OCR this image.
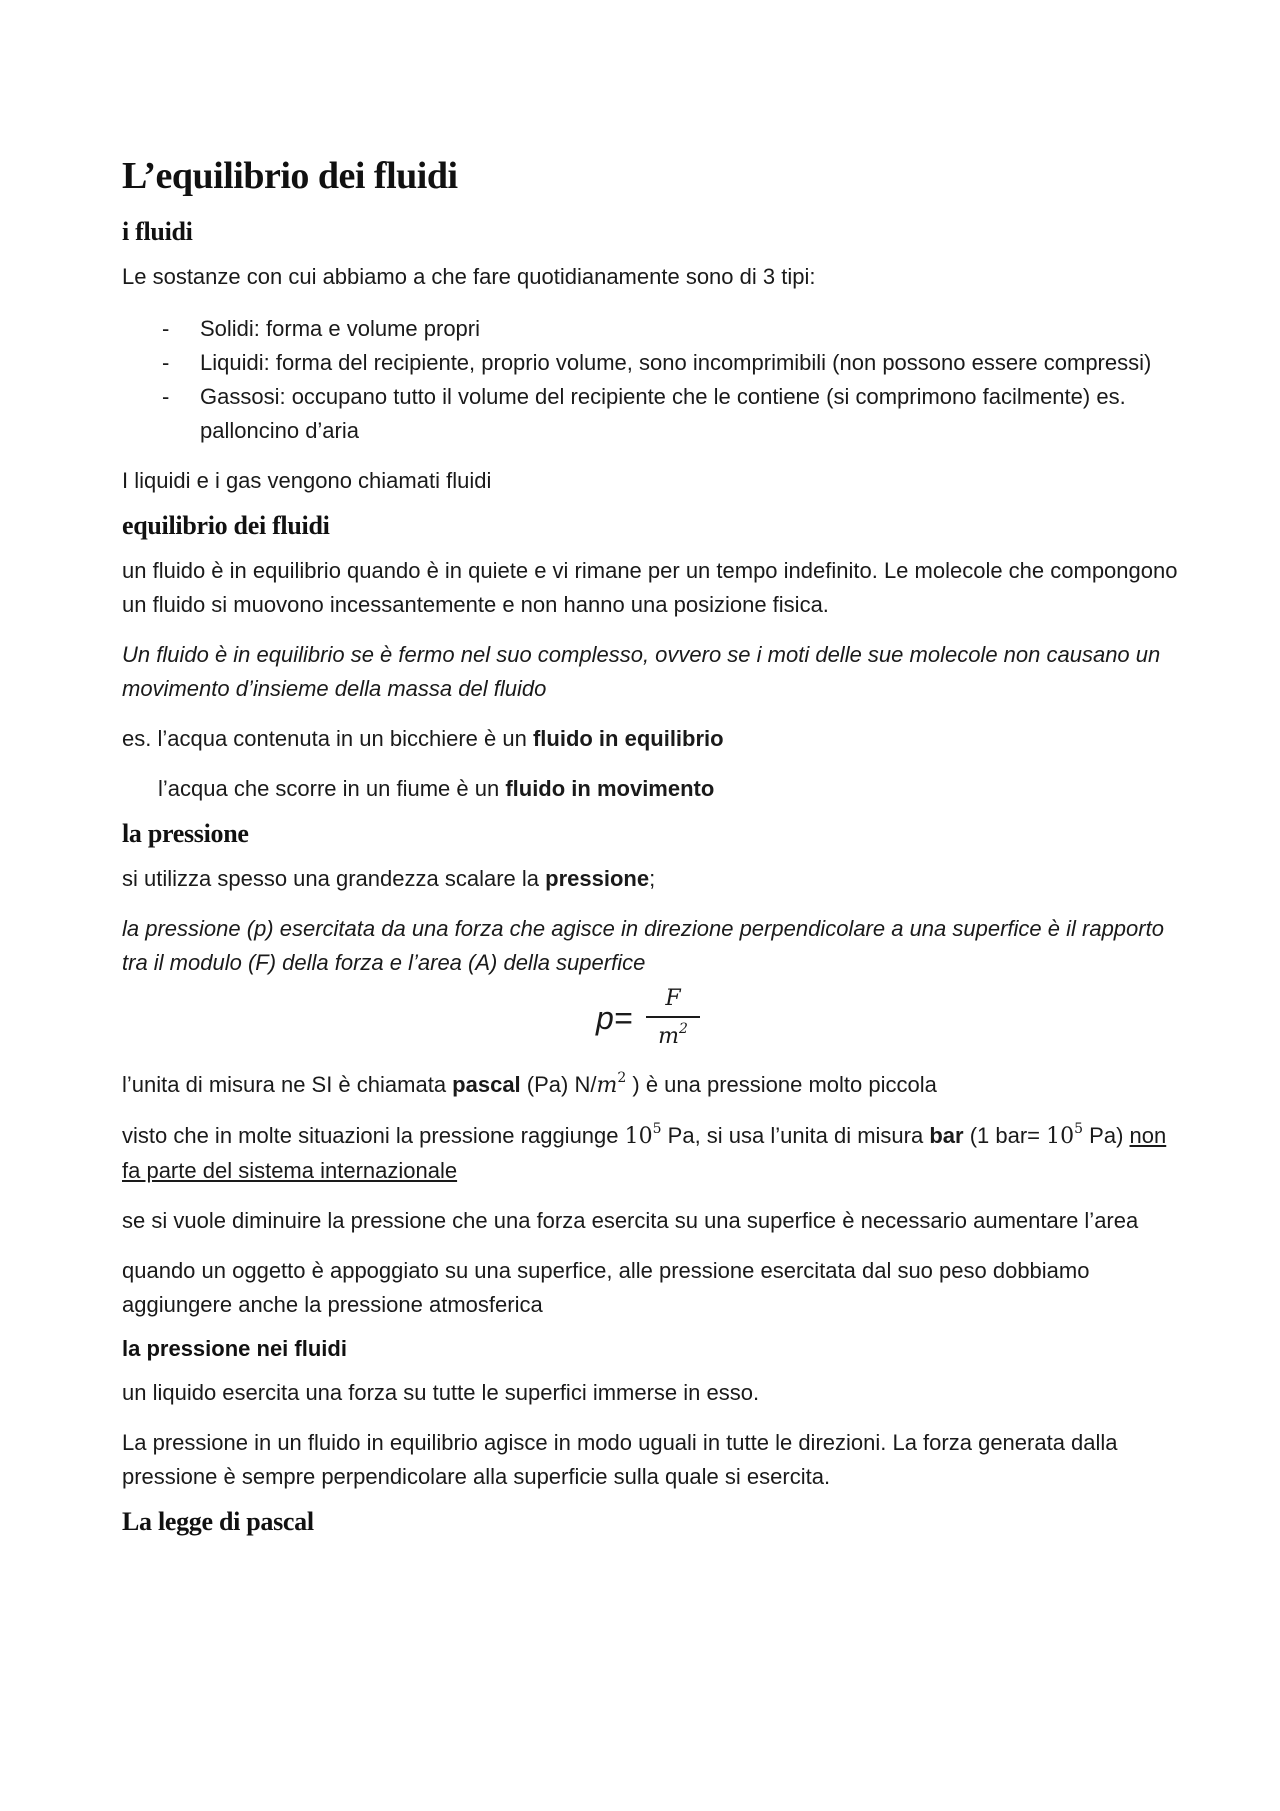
L’equilibrio dei fluidi
i fluidi

Le sostanze con cui abbiamo a che fare quotidianamente sono di 3 tipi:

- Solidi: forma e volume propri
- Liquidi: forma del recipiente, proprio volume, sono incomprimibili (non possono essere compressi)
- Gassosi: occupano tutto il volume del recipiente che le contiene (si comprimono facilmente) es. palloncino d’aria

I liquidi e i gas vengono chiamati fluidi

equilibrio dei fluidi

un fluido è in equilibrio quando è in quiete e vi rimane per un tempo indefinito. Le molecole che compongono un fluido si muovono incessantemente e non hanno una posizione fisica.

Un fluido è in equilibrio se è fermo nel suo complesso, ovvero se i moti delle sue molecole non causano un movimento d’insieme della massa del fluido

es. l’acqua contenuta in un bicchiere è un fluido in equilibrio

l’acqua che scorre in un fiume è un fluido in movimento

la pressione

si utilizza spesso una grandezza scalare la pressione;

la pressione (p) esercitata da una forza che agisce in direzione perpendicolare a una superfice è il rapporto tra il modulo (F) della forza e l’area (A) della superfice

p=
F
$m^2$

l’unita di misura ne SI è chiamata pascal (Pa) $N/m^2$ ) è una pressione molto piccola

visto che in molte situazioni la pressione raggiunge $10^5$ Pa, si usa l’unita di misura bar (1 $bar= 10^5$ Pa) non fa parte del sistema internazionale

se si vuole diminuire la pressione che una forza esercita su una superfice è necessario aumentare l’area

quando un oggetto è appoggiato su una superfice, alle pressione esercitata dal suo peso dobbiamo aggiungere anche la pressione atmosferica

la pressione nei fluidi

un liquido esercita una forza su tutte le superfici immerse in esso.

La pressione in un fluido in equilibrio agisce in modo uguali in tutte le direzioni. La forza generata dalla pressione è sempre perpendicolare alla superficie sulla quale si esercita.

La legge di pascal
